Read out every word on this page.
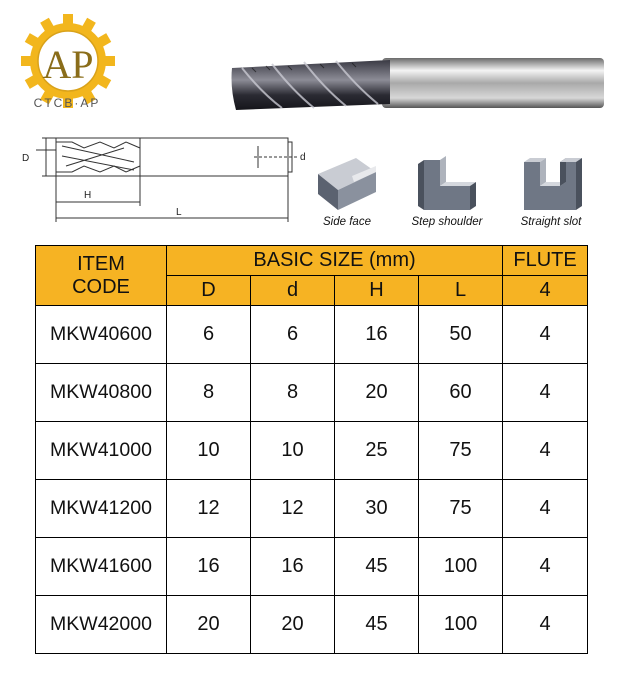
AP
CTCB·AP
d
D
H
L
Side face	Step shoulder	Straight slot
ITEM
CODE	BASIC SIZE (mm)				FLUTE
	D	d	H	L	4
MKW40600	6	6	16	50	4
MKW40800	8	8	20	60	4
MKW41000	10	10	25	75	4
MKW41200	12	12	30	75	4
MKW41600	16	16	45	100	4
MKW42000	20	20	45	100	4
